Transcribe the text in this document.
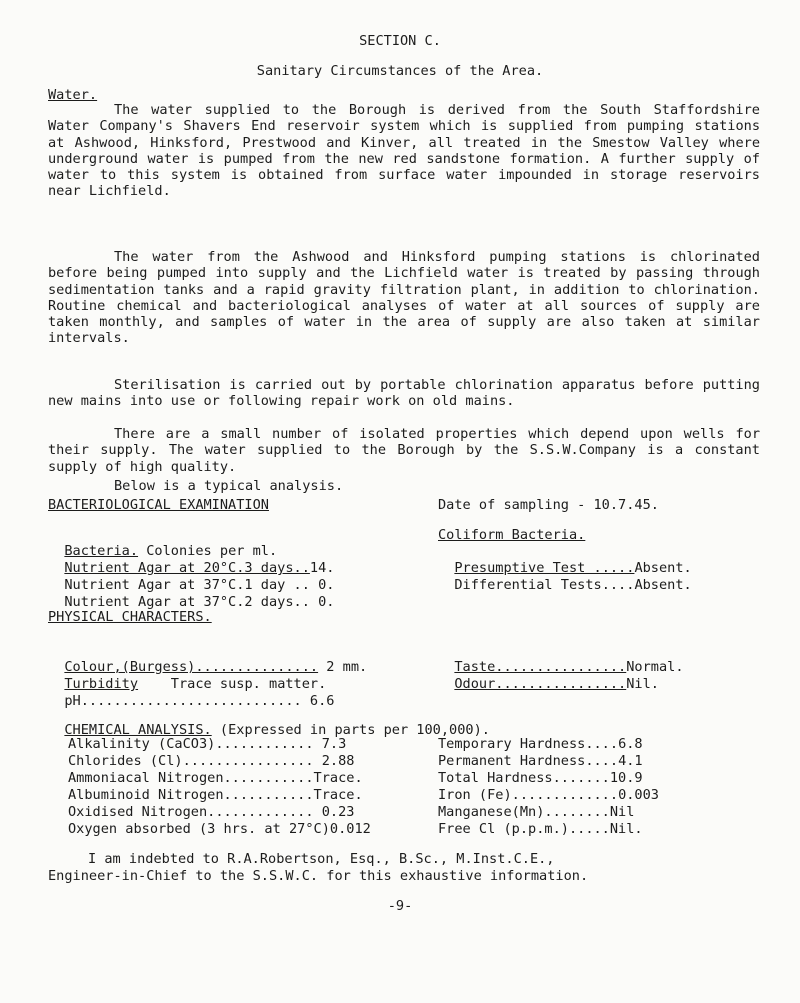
SECTION C.
Sanitary Circumstances of the Area.
Water.

The water supplied to the Borough is derived from the South Staffordshire Water Company's Shavers End reservoir system which is supplied from pumping stations at Ashwood, Hinksford, Prestwood and Kinver, all treated in the Smestow Valley where underground water is pumped from the new red sandstone formation. A further supply of water to this system is obtained from surface water impounded in storage reservoirs near Lichfield.

The water from the Ashwood and Hinksford pumping stations is chlorinated before being pumped into supply and the Lichfield water is treated by passing through sedimentation tanks and a rapid gravity filtration plant, in addition to chlorination. Routine chemical and bacteriological analyses of water at all sources of supply are taken monthly, and samples of water in the area of supply are also taken at similar intervals.

Sterilisation is carried out by portable chlorination apparatus before putting new mains into use or following repair work on old mains.

There are a small number of isolated properties which depend upon wells for their supply. The water supplied to the Borough by the S.S.W.Company is a constant supply of high quality.

Below is a typical analysis.
BACTERIOLOGICAL EXAMINATION	Date of sampling - 10.7.45.

Bacteria. Colonies per ml.

Nutrient Agar at 20°C.3 days..14.

Nutrient Agar at 37°C.1 day .. 0.

Nutrient Agar at 37°C.2 days.. 0.

Coliform Bacteria.

Presumptive Test .....Absent.

Differential Tests....Absent.

PHYSICAL CHARACTERS.

Colour,(Burgess)............... 2 mm.

Turbidity Trace susp. matter.

pH........................... 6.6

Taste................Normal.

Odour................Nil.

CHEMICAL ANALYSIS. (Expressed in parts per 100,000).

Alkalinity (CaCO3)............ 7.3
Chlorides (Cl)................ 2.88
Ammoniacal Nitrogen...........Trace.
Albuminoid Nitrogen...........Trace.
Oxidised Nitrogen............. 0.23
Oxygen absorbed (3 hrs. at 27°C)0.012
Temporary Hardness....6.8
Permanent Hardness....4.1
Total Hardness.......10.9
Iron (Fe).............0.003
Manganese(Mn)........Nil
Free Cl (p.p.m.).....Nil.
I am indebted to R.A.Robertson, Esq., B.Sc., M.Inst.C.E.,
Engineer-in-Chief to the S.S.W.C. for this exhaustive information.
-9-
